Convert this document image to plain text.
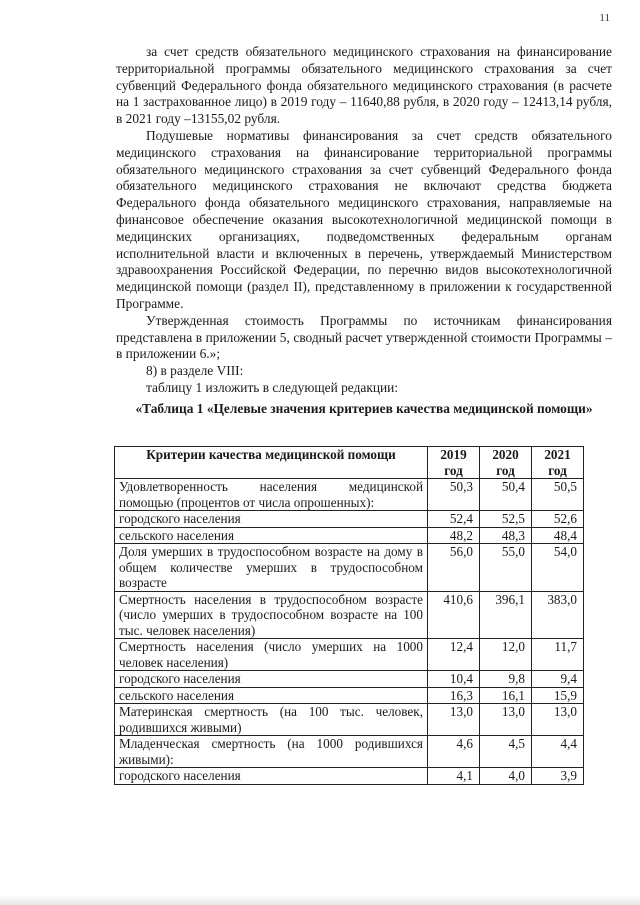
11

за счет средств обязательного медицинского страхования на финансирование территориальной программы обязательного медицинского страхования за счет субвенций Федерального фонда обязательного медицинского страхования (в расчете на 1 застрахованное лицо) в 2019 году – 11640,88 рубля, в 2020 году – 12413,14 рубля, в 2021 году –13155,02 рубля.

Подушевые нормативы финансирования за счет средств обязательного медицинского страхования на финансирование территориальной программы обязательного медицинского страхования за счет субвенций Федерального фонда обязательного медицинского страхования не включают средства бюджета Федерального фонда обязательного медицинского страхования, направляемые на финансовое обеспечение оказания высокотехнологичной медицинской помощи в медицинских организациях, подведомственных федеральным органам исполнительной власти и включенных в перечень, утверждаемый Министерством здравоохранения Российской Федерации, по перечню видов высокотехнологичной медицинской помощи (раздел II), представленному в приложении к государственной Программе.

Утвержденная стоимость Программы по источникам финансирования представлена в приложении 5, сводный расчет утвержденной стоимости Программы – в приложении 6.»;

8) в разделе VIII:

таблицу 1 изложить в следующей редакции:

«Таблица 1 «Целевые значения критериев качества медицинской помощи»
Критерии качества медицинской помощи	2019 год	2020 год	2021 год
Удовлетворенность населения медицинской помощью (процентов от числа опрошенных):	50,3	50,4	50,5
городского населения	52,4	52,5	52,6
сельского населения	48,2	48,3	48,4
Доля умерших в трудоспособном возрасте на дому в общем количестве умерших в трудоспособном возрасте	56,0	55,0	54,0
Смертность населения в трудоспособном возрасте (число умерших в трудоспособном возрасте на 100 тыс. человек населения)	410,6	396,1	383,0
Смертность населения (число умерших на 1000 человек населения)	12,4	12,0	11,7
городского населения	10,4	9,8	9,4
сельского населения	16,3	16,1	15,9
Материнская смертность (на 100 тыс. человек, родившихся живыми)	13,0	13,0	13,0
Младенческая смертность (на 1000 родившихся живыми):	4,6	4,5	4,4
городского населения	4,1	4,0	3,9
